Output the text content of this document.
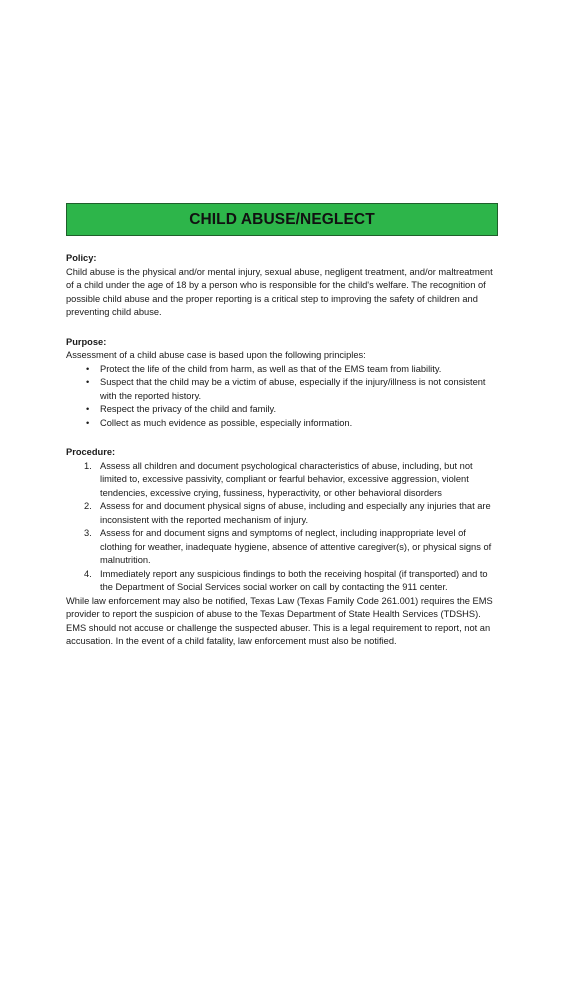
CHILD ABUSE/NEGLECT
Policy:
Child abuse is the physical and/or mental injury, sexual abuse, negligent treatment, and/or maltreatment of a child under the age of 18 by a person who is responsible for the child's welfare. The recognition of possible child abuse and the proper reporting is a critical step to improving the safety of children and preventing child abuse.
Purpose:
Assessment of a child abuse case is based upon the following principles:
• Protect the life of the child from harm, as well as that of the EMS team from liability.
• Suspect that the child may be a victim of abuse, especially if the injury/illness is not consistent with the reported history.
• Respect the privacy of the child and family.
• Collect as much evidence as possible, especially information.
Procedure:
1. Assess all children and document psychological characteristics of abuse, including, but not limited to, excessive passivity, compliant or fearful behavior, excessive aggression, violent tendencies, excessive crying, fussiness, hyperactivity, or other behavioral disorders
2. Assess for and document physical signs of abuse, including and especially any injuries that are inconsistent with the reported mechanism of injury.
3. Assess for and document signs and symptoms of neglect, including inappropriate level of clothing for weather, inadequate hygiene, absence of attentive caregiver(s), or physical signs of malnutrition.
4. Immediately report any suspicious findings to both the receiving hospital (if transported) and to the Department of Social Services social worker on call by contacting the 911 center.
While law enforcement may also be notified, Texas Law (Texas Family Code 261.001) requires the EMS provider to report the suspicion of abuse to the Texas Department of State Health Services (TDSHS). EMS should not accuse or challenge the suspected abuser. This is a legal requirement to report, not an accusation. In the event of a child fatality, law enforcement must also be notified.
